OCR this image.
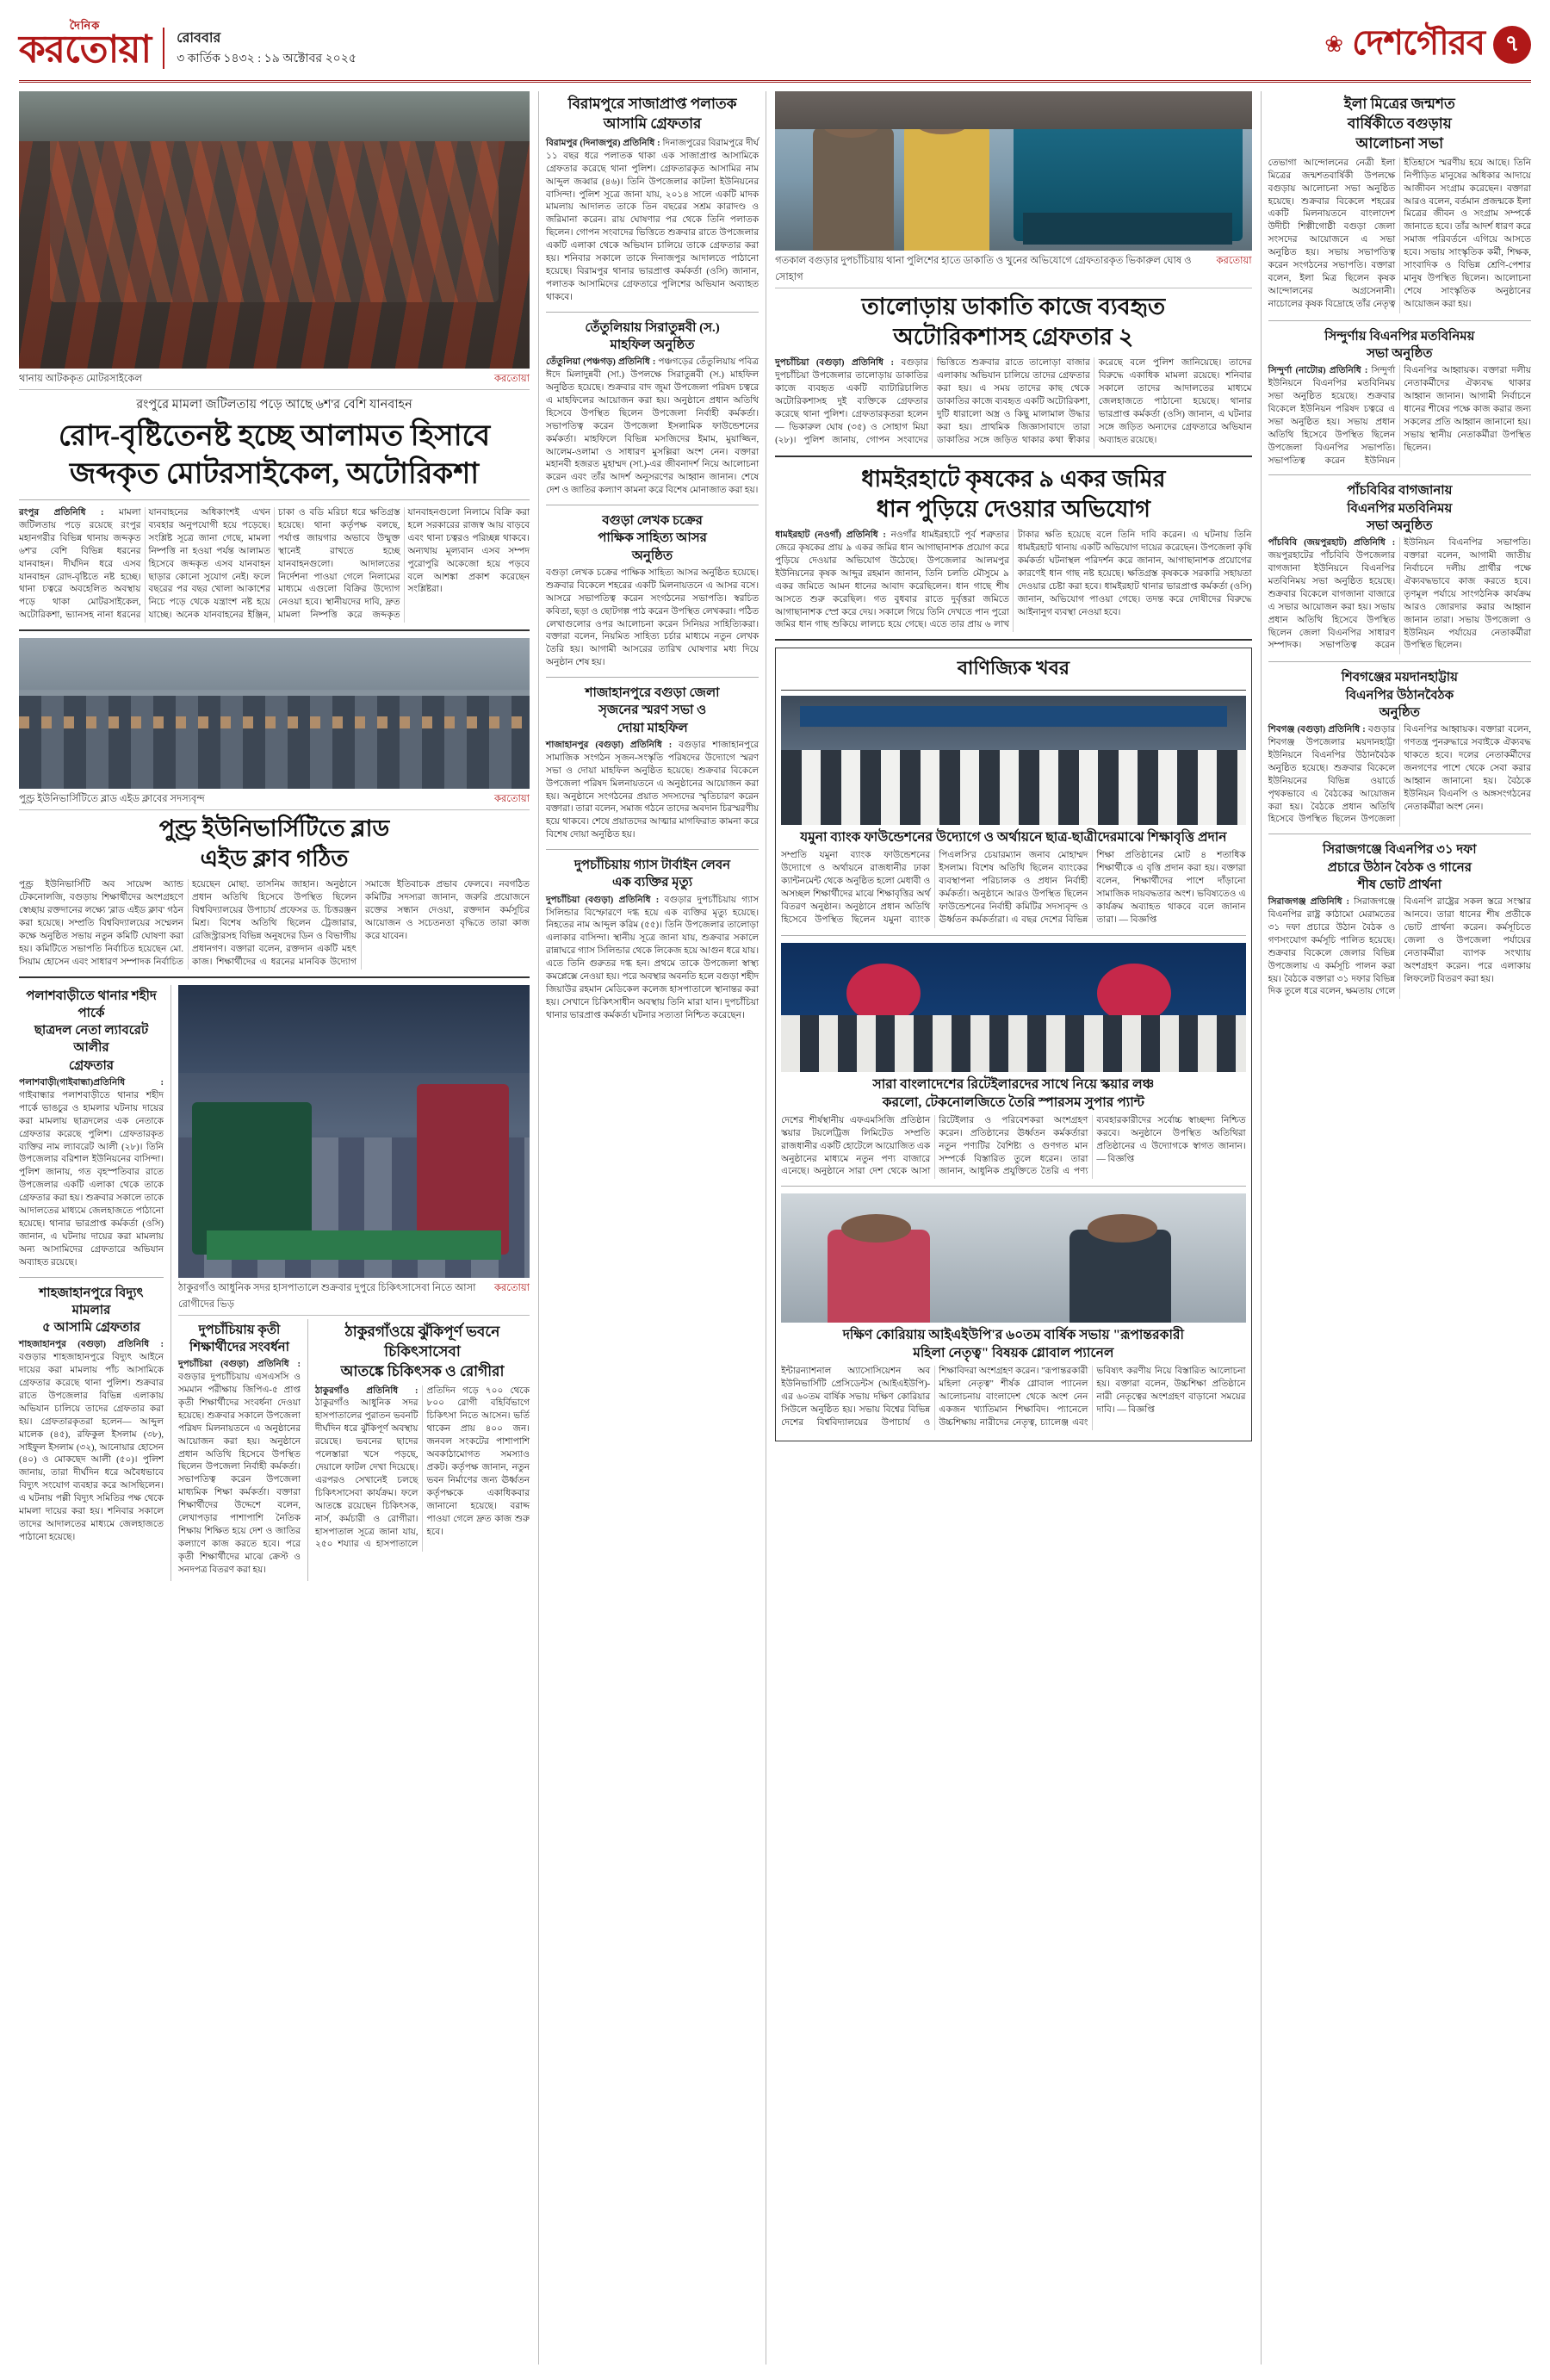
দৈনিক
করতোয়া রোববার
৩ কার্তিক ১৪৩২ : ১৯ অক্টোবর ২০২৫
❀ দেশগৌরব ৭
থানায় আটককৃত মোটরসাইকেল	করতোয়া
রংপুরে মামলা জটিলতায় পড়ে আছে ৬শ'র বেশি যানবাহন
রোদ-বৃষ্টিতেনষ্ট হচ্ছে আলামত হিসাবে
জব্দকৃত মোটরসাইকেল, অটোরিকশা

রংপুর প্রতিনিধি : মামলা জটিলতায় পড়ে রয়েছে রংপুর মহানগরীর বিভিন্ন থানায় জব্দকৃত ৬শ'র বেশি বিভিন্ন ধরনের যানবাহন। দীর্ঘদিন ধরে এসব যানবাহন রোদ-বৃষ্টিতে নষ্ট হচ্ছে। থানা চত্বরে অবহেলিত অবস্থায় পড়ে থাকা মোটরসাইকেল, অটোরিকশা, ভ্যানসহ নানা ধরনের যানবাহনের অধিকাংশই এখন ব্যবহার অনুপযোগী হয়ে পড়েছে। সংশ্লিষ্ট সূত্রে জানা গেছে, মামলা নিষ্পত্তি না হওয়া পর্যন্ত আলামত হিসেবে জব্দকৃত এসব যানবাহন ছাড়ার কোনো সুযোগ নেই। ফলে বছরের পর বছর খোলা আকাশের নিচে পড়ে থেকে যন্ত্রাংশ নষ্ট হয়ে যাচ্ছে। অনেক যানবাহনের ইঞ্জিন, চাকা ও বডি মরিচা ধরে ক্ষতিগ্রস্ত হয়েছে। থানা কর্তৃপক্ষ বলছে, পর্যাপ্ত জায়গার অভাবে উন্মুক্ত স্থানেই রাখতে হচ্ছে যানবাহনগুলো। আদালতের নির্দেশনা পাওয়া গেলে নিলামের মাধ্যমে এগুলো বিক্রির উদ্যোগ নেওয়া হবে। স্থানীয়দের দাবি, দ্রুত মামলা নিষ্পত্তি করে জব্দকৃত যানবাহনগুলো নিলামে বিক্রি করা হলে সরকারের রাজস্ব আয় বাড়বে এবং থানা চত্বরও পরিচ্ছন্ন থাকবে। অন্যথায় মূল্যবান এসব সম্পদ পুরোপুরি অকেজো হয়ে পড়বে বলে আশঙ্কা প্রকাশ করেছেন সংশ্লিষ্টরা।

পুণ্ড্র ইউনিভার্সিটিতে ব্লাড এইড ক্লাবের সদস্যবৃন্দ	করতোয়া
পুণ্ড্র ইউনিভার্সিটিতে ব্লাড
এইড ক্লাব গঠিত

পুণ্ড্র ইউনিভার্সিটি অব সায়েন্স অ্যান্ড টেকনোলজি, বগুড়ায় শিক্ষার্থীদের অংশগ্রহণে স্বেচ্ছায় রক্তদানের লক্ষ্যে 'ব্লাড এইড ক্লাব' গঠন করা হয়েছে। সম্প্রতি বিশ্ববিদ্যালয়ের সম্মেলন কক্ষে অনুষ্ঠিত সভায় নতুন কমিটি ঘোষণা করা হয়। কমিটিতে সভাপতি নির্বাচিত হয়েছেন মো. সিয়াম হোসেন এবং সাধারণ সম্পাদক নির্বাচিত হয়েছেন মোছা. তাসনিম জাহান। অনুষ্ঠানে প্রধান অতিথি হিসেবে উপস্থিত ছিলেন বিশ্ববিদ্যালয়ের উপাচার্য প্রফেসর ড. চিত্তরঞ্জন মিশ্র। বিশেষ অতিথি ছিলেন ট্রেজারার, রেজিস্ট্রারসহ বিভিন্ন অনুষদের ডিন ও বিভাগীয় প্রধানগণ। বক্তারা বলেন, রক্তদান একটি মহৎ কাজ। শিক্ষার্থীদের এ ধরনের মানবিক উদ্যোগ সমাজে ইতিবাচক প্রভাব ফেলবে। নবগঠিত কমিটির সদস্যরা জানান, জরুরি প্রয়োজনে রক্তের সন্ধান দেওয়া, রক্তদান কর্মসূচির আয়োজন ও সচেতনতা বৃদ্ধিতে তারা কাজ করে যাবেন।

পলাশবাড়ীতে থানার শহীদ পার্কে
ছাত্রদল নেতা ল্যাবরেট আলীর
গ্রেফতার

পলাশবাড়ী(গাইবান্ধা)প্রতিনিধি : গাইবান্ধার পলাশবাড়ীতে থানার শহীদ পার্কে ভাঙচুর ও হামলার ঘটনায় দায়ের করা মামলায় ছাত্রদলের এক নেতাকে গ্রেফতার করেছে পুলিশ। গ্রেফতারকৃত ব্যক্তির নাম ল্যাবরেট আলী (২৮)। তিনি উপজেলার বরিশাল ইউনিয়নের বাসিন্দা। পুলিশ জানায়, গত বৃহস্পতিবার রাতে উপজেলার একটি এলাকা থেকে তাকে গ্রেফতার করা হয়। শুক্রবার সকালে তাকে আদালতের মাধ্যমে জেলহাজতে পাঠানো হয়েছে। থানার ভারপ্রাপ্ত কর্মকর্তা (ওসি) জানান, এ ঘটনায় দায়ের করা মামলায় অন্য আসামিদের গ্রেফতারে অভিযান অব্যাহত রয়েছে।

শাহজাহানপুরে বিদ্যুৎ মামলার
৫ আসামি গ্রেফতার

শাহজাহানপুর (বগুড়া) প্রতিনিধি : বগুড়ার শাহজাহানপুরে বিদ্যুৎ আইনে দায়ের করা মামলায় পাঁচ আসামিকে গ্রেফতার করেছে থানা পুলিশ। শুক্রবার রাতে উপজেলার বিভিন্ন এলাকায় অভিযান চালিয়ে তাদের গ্রেফতার করা হয়। গ্রেফতারকৃতরা হলেন— আব্দুল মালেক (৪৫), রফিকুল ইসলাম (৩৮), সাইফুল ইসলাম (৩২), আনোয়ার হোসেন (৪০) ও মোকছেদ আলী (৫০)। পুলিশ জানায়, তারা দীর্ঘদিন ধরে অবৈধভাবে বিদ্যুৎ সংযোগ ব্যবহার করে আসছিলেন। এ ঘটনায় পল্লী বিদ্যুৎ সমিতির পক্ষ থেকে মামলা দায়ের করা হয়। শনিবার সকালে তাদের আদালতের মাধ্যমে জেলহাজতে পাঠানো হয়েছে।

ঠাকুরগাঁও আধুনিক সদর হাসপাতালে শুক্রবার দুপুরে চিকিৎসাসেবা নিতে আসা রোগীদের ভিড়
করতোয়া
দুপচাঁচিয়ায় কৃতী
শিক্ষার্থীদের সংবর্ধনা

দুপচাঁচিয়া (বগুড়া) প্রতিনিধি : বগুড়ার দুপচাঁচিয়ায় এসএসসি ও সমমান পরীক্ষায় জিপিএ-৫ প্রাপ্ত কৃতী শিক্ষার্থীদের সংবর্ধনা দেওয়া হয়েছে। শুক্রবার সকালে উপজেলা পরিষদ মিলনায়তনে এ অনুষ্ঠানের আয়োজন করা হয়। অনুষ্ঠানে প্রধান অতিথি হিসেবে উপস্থিত ছিলেন উপজেলা নির্বাহী কর্মকর্তা। সভাপতিত্ব করেন উপজেলা মাধ্যমিক শিক্ষা কর্মকর্তা। বক্তারা শিক্ষার্থীদের উদ্দেশে বলেন, লেখাপড়ার পাশাপাশি নৈতিক শিক্ষায় শিক্ষিত হয়ে দেশ ও জাতির কল্যাণে কাজ করতে হবে। পরে কৃতী শিক্ষার্থীদের মাঝে ক্রেস্ট ও সনদপত্র বিতরণ করা হয়।

ঠাকুরগাঁওয়ে ঝুঁকিপূর্ণ ভবনে চিকিৎসাসেবা
আতঙ্কে চিকিৎসক ও রোগীরা

ঠাকুরগাঁও প্রতিনিধি : ঠাকুরগাঁও আধুনিক সদর হাসপাতালের পুরাতন ভবনটি দীর্ঘদিন ধরে ঝুঁকিপূর্ণ অবস্থায় রয়েছে। ভবনের ছাদের পলেস্তারা খসে পড়ছে, দেয়ালে ফাটল দেখা দিয়েছে। এরপরও সেখানেই চলছে চিকিৎসাসেবা কার্যক্রম। ফলে আতঙ্কে রয়েছেন চিকিৎসক, নার্স, কর্মচারী ও রোগীরা। হাসপাতাল সূত্রে জানা যায়, ২৫০ শয্যার এ হাসপাতালে প্রতিদিন গড়ে ৭০০ থেকে ৮০০ রোগী বহির্বিভাগে চিকিৎসা নিতে আসেন। ভর্তি থাকেন প্রায় ৪০০ জন। জনবল সংকটের পাশাপাশি অবকাঠামোগত সমস্যাও প্রকট। কর্তৃপক্ষ জানান, নতুন ভবন নির্মাণের জন্য ঊর্ধ্বতন কর্তৃপক্ষকে একাধিকবার জানানো হয়েছে। বরাদ্দ পাওয়া গেলে দ্রুত কাজ শুরু হবে।

বিরামপুরে সাজাপ্রাপ্ত পলাতক
আসামি গ্রেফতার

বিরামপুর (দিনাজপুর) প্রতিনিধি : দিনাজপুরের বিরামপুরে দীর্ঘ ১১ বছর ধরে পলাতক থাকা এক সাজাপ্রাপ্ত আসামিকে গ্রেফতার করেছে থানা পুলিশ। গ্রেফতারকৃত আসামির নাম আব্দুল জব্বার (৪৬)। তিনি উপজেলার কাটলা ইউনিয়নের বাসিন্দা। পুলিশ সূত্রে জানা যায়, ২০১৪ সালে একটি মাদক মামলায় আদালত তাকে তিন বছরের সশ্রম কারাদণ্ড ও জরিমানা করেন। রায় ঘোষণার পর থেকে তিনি পলাতক ছিলেন। গোপন সংবাদের ভিত্তিতে শুক্রবার রাতে উপজেলার একটি এলাকা থেকে অভিযান চালিয়ে তাকে গ্রেফতার করা হয়। শনিবার সকালে তাকে দিনাজপুর আদালতে পাঠানো হয়েছে। বিরামপুর থানার ভারপ্রাপ্ত কর্মকর্তা (ওসি) জানান, পলাতক আসামিদের গ্রেফতারে পুলিশের অভিযান অব্যাহত থাকবে।

তেঁতুলিয়ায় সিরাতুন্নবী (স.)
মাহফিল অনুষ্ঠিত

তেঁতুলিয়া (পঞ্চগড়) প্রতিনিধি : পঞ্চগড়ের তেঁতুলিয়ায় পবিত্র ঈদে মিলাদুন্নবী (সা.) উপলক্ষে সিরাতুন্নবী (স.) মাহফিল অনুষ্ঠিত হয়েছে। শুক্রবার বাদ জুমা উপজেলা পরিষদ চত্বরে এ মাহফিলের আয়োজন করা হয়। অনুষ্ঠানে প্রধান অতিথি হিসেবে উপস্থিত ছিলেন উপজেলা নির্বাহী কর্মকর্তা। সভাপতিত্ব করেন উপজেলা ইসলামিক ফাউন্ডেশনের কর্মকর্তা। মাহফিলে বিভিন্ন মসজিদের ইমাম, মুয়াজ্জিন, আলেম-ওলামা ও সাধারণ মুসল্লিরা অংশ নেন। বক্তারা মহানবী হজরত মুহাম্মদ (সা.)-এর জীবনাদর্শ নিয়ে আলোচনা করেন এবং তাঁর আদর্শ অনুসরণের আহ্বান জানান। শেষে দেশ ও জাতির কল্যাণ কামনা করে বিশেষ মোনাজাত করা হয়।

বগুড়া লেখক চক্রের
পাক্ষিক সাহিত্য আসর
অনুষ্ঠিত

বগুড়া লেখক চক্রের পাক্ষিক সাহিত্য আসর অনুষ্ঠিত হয়েছে। শুক্রবার বিকেলে শহরের একটি মিলনায়তনে এ আসর বসে। আসরে সভাপতিত্ব করেন সংগঠনের সভাপতি। স্বরচিত কবিতা, ছড়া ও ছোটগল্প পাঠ করেন উপস্থিত লেখকরা। পঠিত লেখাগুলোর ওপর আলোচনা করেন সিনিয়র সাহিত্যিকরা। বক্তারা বলেন, নিয়মিত সাহিত্য চর্চার মাধ্যমে নতুন লেখক তৈরি হয়। আগামী আসরের তারিখ ঘোষণার মধ্য দিয়ে অনুষ্ঠান শেষ হয়।

শাজাহানপুরে বগুড়া জেলা
সৃজনের স্মরণ সভা ও
দোয়া মাহফিল

শাজাহানপুর (বগুড়া) প্রতিনিধি : বগুড়ার শাজাহানপুরে সামাজিক সংগঠন সৃজন-সংস্কৃতি পরিষদের উদ্যোগে স্মরণ সভা ও দোয়া মাহফিল অনুষ্ঠিত হয়েছে। শুক্রবার বিকেলে উপজেলা পরিষদ মিলনায়তনে এ অনুষ্ঠানের আয়োজন করা হয়। অনুষ্ঠানে সংগঠনের প্রয়াত সদস্যদের স্মৃতিচারণ করেন বক্তারা। তারা বলেন, সমাজ গঠনে তাদের অবদান চিরস্মরণীয় হয়ে থাকবে। শেষে প্রয়াতদের আত্মার মাগফিরাত কামনা করে বিশেষ দোয়া অনুষ্ঠিত হয়।

দুপচাঁচিয়ায় গ্যাস টার্বাইন লেবন
এক ব্যক্তির মৃত্যু

দুপচাঁচিয়া (বগুড়া) প্রতিনিধি : বগুড়ার দুপচাঁচিয়ায় গ্যাস সিলিন্ডার বিস্ফোরণে দগ্ধ হয়ে এক ব্যক্তির মৃত্যু হয়েছে। নিহতের নাম আব্দুল করিম (৫৫)। তিনি উপজেলার তালোড়া এলাকার বাসিন্দা। স্থানীয় সূত্রে জানা যায়, শুক্রবার সকালে রান্নাঘরে গ্যাস সিলিন্ডার থেকে লিকেজ হয়ে আগুন ধরে যায়। এতে তিনি গুরুতর দগ্ধ হন। প্রথমে তাকে উপজেলা স্বাস্থ্য কমপ্লেক্সে নেওয়া হয়। পরে অবস্থার অবনতি হলে বগুড়া শহীদ জিয়াউর রহমান মেডিকেল কলেজ হাসপাতালে স্থানান্তর করা হয়। সেখানে চিকিৎসাধীন অবস্থায় তিনি মারা যান। দুপচাঁচিয়া থানার ভারপ্রাপ্ত কর্মকর্তা ঘটনার সত্যতা নিশ্চিত করেছেন।

গতকাল বগুড়ার দুপচাঁচিয়ায় থানা পুলিশের হাতে ডাকাতি ও খুনের অভিযোগে গ্রেফতারকৃত ভিকারুল ঘোষ ও সোহাগ
করতোয়া
তালোড়ায় ডাকাতি কাজে ব্যবহৃত
অটোরিকশাসহ গ্রেফতার ২

দুপচাঁচিয়া (বগুড়া) প্রতিনিধি : বগুড়ার দুপচাঁচিয়া উপজেলার তালোড়ায় ডাকাতির কাজে ব্যবহৃত একটি ব্যাটারিচালিত অটোরিকশাসহ দুই ব্যক্তিকে গ্রেফতার করেছে থানা পুলিশ। গ্রেফতারকৃতরা হলেন— ভিকারুল ঘোষ (৩৫) ও সোহাগ মিয়া (২৮)। পুলিশ জানায়, গোপন সংবাদের ভিত্তিতে শুক্রবার রাতে তালোড়া বাজার এলাকায় অভিযান চালিয়ে তাদের গ্রেফতার করা হয়। এ সময় তাদের কাছ থেকে ডাকাতির কাজে ব্যবহৃত একটি অটোরিকশা, দুটি ধারালো অস্ত্র ও কিছু মালামাল উদ্ধার করা হয়। প্রাথমিক জিজ্ঞাসাবাদে তারা ডাকাতির সঙ্গে জড়িত থাকার কথা স্বীকার করেছে বলে পুলিশ জানিয়েছে। তাদের বিরুদ্ধে একাধিক মামলা রয়েছে। শনিবার সকালে তাদের আদালতের মাধ্যমে জেলহাজতে পাঠানো হয়েছে। থানার ভারপ্রাপ্ত কর্মকর্তা (ওসি) জানান, এ ঘটনার সঙ্গে জড়িত অন্যদের গ্রেফতারে অভিযান অব্যাহত রয়েছে।

ধামইরহাটে কৃষকের ৯ একর জমির
ধান পুড়িয়ে দেওয়ার অভিযোগ

ধামইরহাট (নওগাঁ) প্রতিনিধি : নওগাঁর ধামইরহাটে পূর্ব শত্রুতার জেরে কৃষকের প্রায় ৯ একর জমির ধান আগাছানাশক প্রয়োগ করে পুড়িয়ে দেওয়ার অভিযোগ উঠেছে। উপজেলার আলমপুর ইউনিয়নের কৃষক আব্দুর রহমান জানান, তিনি চলতি মৌসুমে ৯ একর জমিতে আমন ধানের আবাদ করেছিলেন। ধান গাছে শীষ আসতে শুরু করেছিল। গত বুধবার রাতে দুর্বৃত্তরা জমিতে আগাছানাশক স্প্রে করে দেয়। সকালে গিয়ে তিনি দেখতে পান পুরো জমির ধান গাছ শুকিয়ে লালচে হয়ে গেছে। এতে তার প্রায় ৬ লাখ টাকার ক্ষতি হয়েছে বলে তিনি দাবি করেন। এ ঘটনায় তিনি ধামইরহাট থানায় একটি অভিযোগ দায়ের করেছেন। উপজেলা কৃষি কর্মকর্তা ঘটনাস্থল পরিদর্শন করে জানান, আগাছানাশক প্রয়োগের কারণেই ধান গাছ নষ্ট হয়েছে। ক্ষতিগ্রস্ত কৃষককে সরকারি সহায়তা দেওয়ার চেষ্টা করা হবে। ধামইরহাট থানার ভারপ্রাপ্ত কর্মকর্তা (ওসি) জানান, অভিযোগ পাওয়া গেছে। তদন্ত করে দোষীদের বিরুদ্ধে আইনানুগ ব্যবস্থা নেওয়া হবে।

বাণিজ্যিক খবর
যমুনা ব্যাংক ফাউন্ডেশনের উদ্যোগে ও অর্থায়নে ছাত্র-ছাত্রীদেরমাঝে শিক্ষাবৃত্তি প্রদান

সম্প্রতি যমুনা ব্যাংক ফাউন্ডেশনের উদ্যোগে ও অর্থায়নে রাজধানীর ঢাকা ক্যান্টনমেন্ট থেকে অনুষ্ঠিত হলো মেধাবী ও অসচ্ছল শিক্ষার্থীদের মাঝে শিক্ষাবৃত্তির অর্থ বিতরণ অনুষ্ঠান। অনুষ্ঠানে প্রধান অতিথি হিসেবে উপস্থিত ছিলেন যমুনা ব্যাংক পিএলসি'র চেয়ারম্যান জনাব মোহাম্মদ ইসলাম। বিশেষ অতিথি ছিলেন ব্যাংকের ব্যবস্থাপনা পরিচালক ও প্রধান নির্বাহী কর্মকর্তা। অনুষ্ঠানে আরও উপস্থিত ছিলেন ফাউন্ডেশনের নির্বাহী কমিটির সদস্যবৃন্দ ও ঊর্ধ্বতন কর্মকর্তারা। এ বছর দেশের বিভিন্ন শিক্ষা প্রতিষ্ঠানের মোট ৪ শতাধিক শিক্ষার্থীকে এ বৃত্তি প্রদান করা হয়। বক্তারা বলেন, শিক্ষার্থীদের পাশে দাঁড়ানো সামাজিক দায়বদ্ধতার অংশ। ভবিষ্যতেও এ কার্যক্রম অব্যাহত থাকবে বলে জানান তারা। — বিজ্ঞপ্তি

সারা বাংলাদেশের রিটেইলারদের সাথে নিয়ে স্কয়ার লঞ্চ
করলো, টেকনোলজিতে তৈরি স্পারসম সুপার প্যান্ট

দেশের শীর্ষস্থানীয় এফএমসিজি প্রতিষ্ঠান স্কয়ার টয়লেট্রিজ লিমিটেড সম্প্রতি রাজধানীর একটি হোটেলে আয়োজিত এক অনুষ্ঠানের মাধ্যমে নতুন পণ্য বাজারে এনেছে। অনুষ্ঠানে সারা দেশ থেকে আসা রিটেইলার ও পরিবেশকরা অংশগ্রহণ করেন। প্রতিষ্ঠানের ঊর্ধ্বতন কর্মকর্তারা নতুন পণ্যটির বৈশিষ্ট্য ও গুণগত মান সম্পর্কে বিস্তারিত তুলে ধরেন। তারা জানান, আধুনিক প্রযুক্তিতে তৈরি এ পণ্য ব্যবহারকারীদের সর্বোচ্চ স্বাচ্ছন্দ্য নিশ্চিত করবে। অনুষ্ঠানে উপস্থিত অতিথিরা প্রতিষ্ঠানের এ উদ্যোগকে স্বাগত জানান। — বিজ্ঞপ্তি

দক্ষিণ কোরিয়ায় আইএইউপি'র ৬০তম বার্ষিক সভায় "রূপান্তরকারী
মহিলা নেতৃত্ব" বিষয়ক গ্লোবাল প্যানেল

ইন্টারন্যাশনাল অ্যাসোসিয়েশন অব ইউনিভার্সিটি প্রেসিডেন্টস (আইএইউপি)-এর ৬০তম বার্ষিক সভায় দক্ষিণ কোরিয়ার সিউলে অনুষ্ঠিত হয়। সভায় বিশ্বের বিভিন্ন দেশের বিশ্ববিদ্যালয়ের উপাচার্য ও শিক্ষাবিদরা অংশগ্রহণ করেন। "রূপান্তরকারী মহিলা নেতৃত্ব" শীর্ষক গ্লোবাল প্যানেল আলোচনায় বাংলাদেশ থেকে অংশ নেন একজন খ্যাতিমান শিক্ষাবিদ। প্যানেলে উচ্চশিক্ষায় নারীদের নেতৃত্ব, চ্যালেঞ্জ এবং ভবিষ্যৎ করণীয় নিয়ে বিস্তারিত আলোচনা হয়। বক্তারা বলেন, উচ্চশিক্ষা প্রতিষ্ঠানে নারী নেতৃত্বের অংশগ্রহণ বাড়ানো সময়ের দাবি। — বিজ্ঞপ্তি

ইলা মিত্রের জন্মশত
বার্ষিকীতে বগুড়ায়
আলোচনা সভা

তেভাগা আন্দোলনের নেত্রী ইলা মিত্রের জন্মশতবার্ষিকী উপলক্ষে বগুড়ায় আলোচনা সভা অনুষ্ঠিত হয়েছে। শুক্রবার বিকেলে শহরের একটি মিলনায়তনে বাংলাদেশ উদীচী শিল্পীগোষ্ঠী বগুড়া জেলা সংসদের আয়োজনে এ সভা অনুষ্ঠিত হয়। সভায় সভাপতিত্ব করেন সংগঠনের সভাপতি। বক্তারা বলেন, ইলা মিত্র ছিলেন কৃষক আন্দোলনের অগ্রসেনানী। নাচোলের কৃষক বিদ্রোহে তাঁর নেতৃত্ব ইতিহাসে স্মরণীয় হয়ে আছে। তিনি নিপীড়িত মানুষের অধিকার আদায়ে আজীবন সংগ্রাম করেছেন। বক্তারা আরও বলেন, বর্তমান প্রজন্মকে ইলা মিত্রের জীবন ও সংগ্রাম সম্পর্কে জানাতে হবে। তাঁর আদর্শ ধারণ করে সমাজ পরিবর্তনে এগিয়ে আসতে হবে। সভায় সাংস্কৃতিক কর্মী, শিক্ষক, সাংবাদিক ও বিভিন্ন শ্রেণি-পেশার মানুষ উপস্থিত ছিলেন। আলোচনা শেষে সাংস্কৃতিক অনুষ্ঠানের আয়োজন করা হয়।

সিন্দুর্ণায় বিএনপির মতবিনিময়
সভা অনুষ্ঠিত

সিন্দুর্ণা (নাটোর) প্রতিনিধি : সিন্দুর্ণা ইউনিয়নে বিএনপির মতবিনিময় সভা অনুষ্ঠিত হয়েছে। শুক্রবার বিকেলে ইউনিয়ন পরিষদ চত্বরে এ সভা অনুষ্ঠিত হয়। সভায় প্রধান অতিথি হিসেবে উপস্থিত ছিলেন উপজেলা বিএনপির সভাপতি। সভাপতিত্ব করেন ইউনিয়ন বিএনপির আহ্বায়ক। বক্তারা দলীয় নেতাকর্মীদের ঐক্যবদ্ধ থাকার আহ্বান জানান। আগামী নির্বাচনে ধানের শীষের পক্ষে কাজ করার জন্য সকলের প্রতি আহ্বান জানানো হয়। সভায় স্থানীয় নেতাকর্মীরা উপস্থিত ছিলেন।

পাঁচবিবির বাগজানায়
বিএনপির মতবিনিময়
সভা অনুষ্ঠিত

পাঁচবিবি (জয়পুরহাট) প্রতিনিধি : জয়পুরহাটের পাঁচবিবি উপজেলার বাগজানা ইউনিয়নে বিএনপির মতবিনিময় সভা অনুষ্ঠিত হয়েছে। শুক্রবার বিকেলে বাগজানা বাজারে এ সভার আয়োজন করা হয়। সভায় প্রধান অতিথি হিসেবে উপস্থিত ছিলেন জেলা বিএনপির সাধারণ সম্পাদক। সভাপতিত্ব করেন ইউনিয়ন বিএনপির সভাপতি। বক্তারা বলেন, আগামী জাতীয় নির্বাচনে দলীয় প্রার্থীর পক্ষে ঐক্যবদ্ধভাবে কাজ করতে হবে। তৃণমূল পর্যায়ে সাংগঠনিক কার্যক্রম আরও জোরদার করার আহ্বান জানান তারা। সভায় উপজেলা ও ইউনিয়ন পর্যায়ের নেতাকর্মীরা উপস্থিত ছিলেন।

শিবগঞ্জের ময়দানহাট্টায়
বিএনপির উঠানবৈঠক
অনুষ্ঠিত

শিবগঞ্জ (বগুড়া) প্রতিনিধি : বগুড়ার শিবগঞ্জ উপজেলার ময়দানহাট্টা ইউনিয়নে বিএনপির উঠানবৈঠক অনুষ্ঠিত হয়েছে। শুক্রবার বিকেলে ইউনিয়নের বিভিন্ন ওয়ার্ডে পৃথকভাবে এ বৈঠকের আয়োজন করা হয়। বৈঠকে প্রধান অতিথি হিসেবে উপস্থিত ছিলেন উপজেলা বিএনপির আহ্বায়ক। বক্তারা বলেন, গণতন্ত্র পুনরুদ্ধারে সবাইকে ঐক্যবদ্ধ থাকতে হবে। দলের নেতাকর্মীদের জনগণের পাশে থেকে সেবা করার আহ্বান জানানো হয়। বৈঠকে ইউনিয়ন বিএনপি ও অঙ্গসংগঠনের নেতাকর্মীরা অংশ নেন।

সিরাজগঞ্জে বিএনপির ৩১ দফা
প্রচারে উঠান বৈঠক ও গানের
শীষ ভোট প্রার্থনা

সিরাজগঞ্জ প্রতিনিধি : সিরাজগঞ্জে বিএনপির রাষ্ট্র কাঠামো মেরামতের ৩১ দফা প্রচারে উঠান বৈঠক ও গণসংযোগ কর্মসূচি পালিত হয়েছে। শুক্রবার বিকেলে জেলার বিভিন্ন উপজেলায় এ কর্মসূচি পালন করা হয়। বৈঠকে বক্তারা ৩১ দফার বিভিন্ন দিক তুলে ধরে বলেন, ক্ষমতায় গেলে বিএনপি রাষ্ট্রের সকল স্তরে সংস্কার আনবে। তারা ধানের শীষ প্রতীকে ভোট প্রার্থনা করেন। কর্মসূচিতে জেলা ও উপজেলা পর্যায়ের নেতাকর্মীরা ব্যাপক সংখ্যায় অংশগ্রহণ করেন। পরে এলাকায় লিফলেট বিতরণ করা হয়।
